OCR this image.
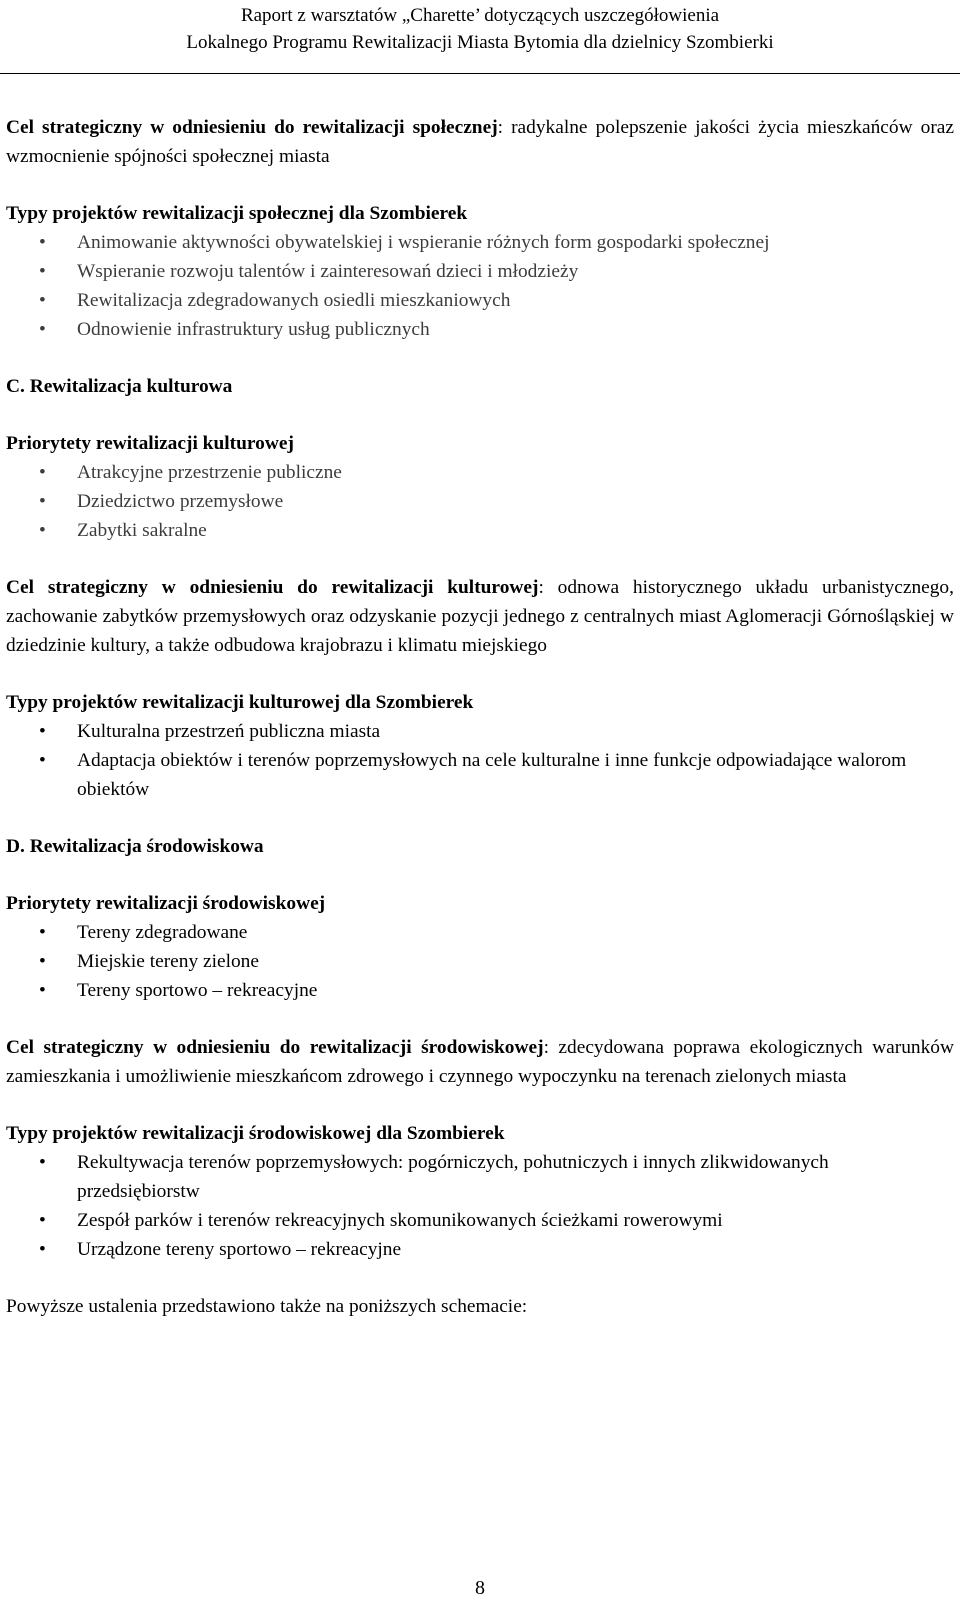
Raport z warsztatów „Charette’ dotyczących uszczegółowienia
Lokalnego Programu Rewitalizacji Miasta Bytomia dla dzielnicy Szombierki

Cel strategiczny w odniesieniu do rewitalizacji społecznej: radykalne polepszenie jakości życia mieszkańców oraz wzmocnienie spójności społecznej miasta

Typy projektów rewitalizacji społecznej dla Szombierek

• Animowanie aktywności obywatelskiej i wspieranie różnych form gospodarki społecznej
• Wspieranie rozwoju talentów i zainteresowań dzieci i młodzieży
• Rewitalizacja zdegradowanych osiedli mieszkaniowych
• Odnowienie infrastruktury usług publicznych

C. Rewitalizacja kulturowa

Priorytety rewitalizacji kulturowej

• Atrakcyjne przestrzenie publiczne
• Dziedzictwo przemysłowe
• Zabytki sakralne

Cel strategiczny w odniesieniu do rewitalizacji kulturowej: odnowa historycznego układu urbanistycznego, zachowanie zabytków przemysłowych oraz odzyskanie pozycji jednego z centralnych miast Aglomeracji Górnośląskiej w dziedzinie kultury, a także odbudowa krajobrazu i klimatu miejskiego

Typy projektów rewitalizacji kulturowej dla Szombierek

• Kulturalna przestrzeń publiczna miasta
• Adaptacja obiektów i terenów poprzemysłowych na cele kulturalne i inne funkcje odpowiadające walorom obiektów

D. Rewitalizacja środowiskowa

Priorytety rewitalizacji środowiskowej

• Tereny zdegradowane
• Miejskie tereny zielone
• Tereny sportowo – rekreacyjne

Cel strategiczny w odniesieniu do rewitalizacji środowiskowej: zdecydowana poprawa ekologicznych warunków zamieszkania i umożliwienie mieszkańcom zdrowego i czynnego wypoczynku na terenach zielonych miasta

Typy projektów rewitalizacji środowiskowej dla Szombierek

• Rekultywacja terenów poprzemysłowych: pogórniczych, pohutniczych i innych zlikwidowanych przedsiębiorstw
• Zespół parków i terenów rekreacyjnych skomunikowanych ścieżkami rowerowymi
• Urządzone tereny sportowo – rekreacyjne

Powyższe ustalenia przedstawiono także na poniższych schemacie:

8
